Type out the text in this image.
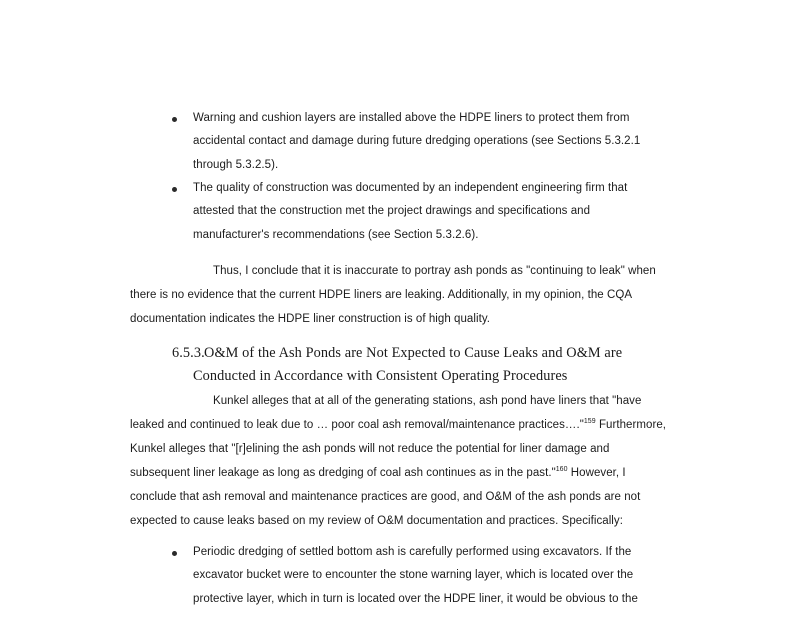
Warning and cushion layers are installed above the HDPE liners to protect them from accidental contact and damage during future dredging operations (see Sections 5.3.2.1 through 5.3.2.5).
The quality of construction was documented by an independent engineering firm that attested that the construction met the project drawings and specifications and manufacturer's recommendations (see Section 5.3.2.6).

Thus, I conclude that it is inaccurate to portray ash ponds as "continuing to leak" when there is no evidence that the current HDPE liners are leaking. Additionally, in my opinion, the CQA documentation indicates the HDPE liner construction is of high quality.

6.5.3.   O&M of the Ash Ponds are Not Expected to Cause Leaks and O&M are
Conducted in Accordance with Consistent Operating Procedures

Kunkel alleges that at all of the generating stations, ash pond have liners that "have leaked and continued to leak due to … poor coal ash removal/maintenance practices…."$^{159}$ Furthermore, Kunkel alleges that "[r]elining the ash ponds will not reduce the potential for liner damage and subsequent liner leakage as long as dredging of coal ash continues as in the past."$^{160}$ However, I conclude that ash removal and maintenance practices are good, and O&M of the ash ponds are not expected to cause leaks based on my review of O&M documentation and practices. Specifically:

Periodic dredging of settled bottom ash is carefully performed using excavators. If the excavator bucket were to encounter the stone warning layer, which is located over the protective layer, which in turn is located over the HDPE liner, it would be obvious to the
